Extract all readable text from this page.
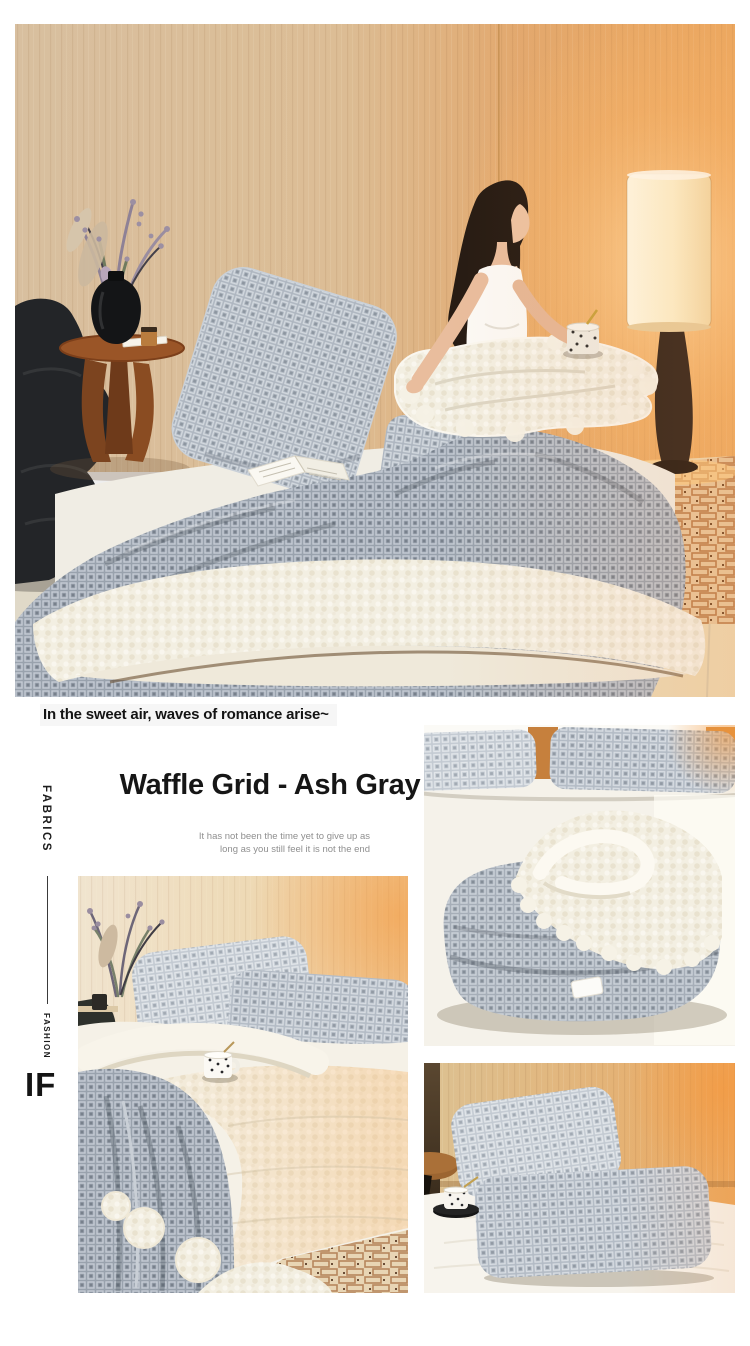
In the sweet air, waves of romance arise~
Waffle Grid - Ash Gray
It has not been the time yet to give up as
long as you still feel it is not the end
FABRICS
FASHION
IF
